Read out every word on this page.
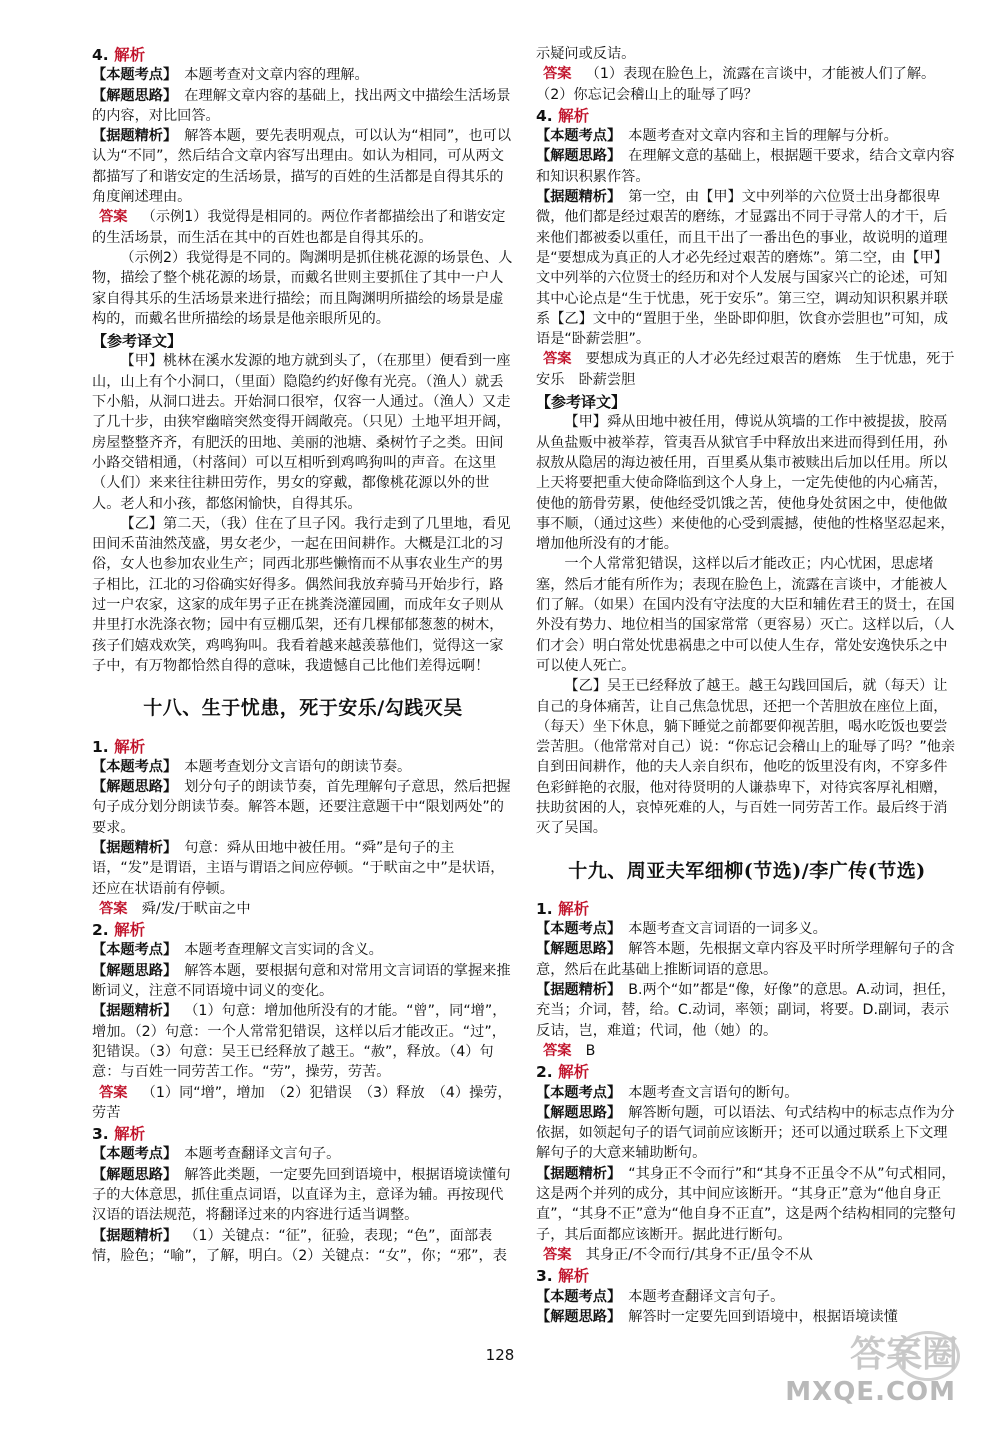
4. 解析

【本题考点】  本题考查对文章内容的理解。

【解题思路】  在理解文章内容的基础上，找出两文中描绘生活场景的内容，对比回答。

【据题精析】  解答本题，要先表明观点，可以认为“相同”，也可以认为“不同”，然后结合文章内容写出理由。如认为相同，可从两文都描写了和谐安定的生活场景，描写的百姓的生活都是自得其乐的角度阐述理由。

 答案  （示例1）我觉得是相同的。两位作者都描绘出了和谐安定的生活场景，而生活在其中的百姓也都是自得其乐的。

（示例2）我觉得是不同的。陶渊明是抓住桃花源的场景色、人物，描绘了整个桃花源的场景，而戴名世则主要抓住了其中一户人家自得其乐的生活场景来进行描绘；而且陶渊明所描绘的场景是虚构的，而戴名世所描绘的场景是他亲眼所见的。

【参考译文】

【甲】桃林在溪水发源的地方就到头了，（在那里）便看到一座山，山上有个小洞口，（里面）隐隐约约好像有光亮。（渔人）就丢下小船，从洞口进去。开始洞口很窄，仅容一人通过。（渔人）又走了几十步，由狭窄幽暗突然变得开阔敞亮。（只见）土地平坦开阔，房屋整整齐齐，有肥沃的田地、美丽的池塘、桑树竹子之类。田间小路交错相通，（村落间）可以互相听到鸡鸣狗叫的声音。在这里（人们）来来往往耕田劳作，男女的穿戴，都像桃花源以外的世人。老人和小孩，都悠闲愉快，自得其乐。

【乙】第二天，（我）住在了旦子冈。我行走到了几里地，看见田间禾苗油然茂盛，男女老少，一起在田间耕作。大概是江北的习俗，女人也参加农业生产；同西北那些懒惰而不从事农业生产的男子相比，江北的习俗确实好得多。偶然间我放弃骑马开始步行，路过一户农家，这家的成年男子正在挑粪浇灌园圃，而成年女子则从井里打水洗涤衣物；园中有豆棚瓜架，还有几棵郁郁葱葱的树木，孩子们嬉戏欢笑，鸡鸣狗叫。我看着越来越羡慕他们，觉得这一家子中，有万物都恰然自得的意味，我遗憾自己比他们差得远啊！

十八、生于忧患，死于安乐/勾践灭吴
1. 解析

【本题考点】  本题考查划分文言语句的朗读节奏。

【解题思路】  划分句子的朗读节奏，首先理解句子意思，然后把握句子成分划分朗读节奏。解答本题，还要注意题干中“限划两处”的要求。

【据题精析】  句意：舜从田地中被任用。“舜”是句子的主语，“发”是谓语，主语与谓语之间应停顿。“于畎亩之中”是状语，还应在状语前有停顿。

 答案  舜/发/于畎亩之中

2. 解析

【本题考点】  本题考查理解文言实词的含义。

【解题思路】  解答本题，要根据句意和对常用文言词语的掌握来推断词义，注意不同语境中词义的变化。

【据题精析】  （1）句意：增加他所没有的才能。“曾”，同“增”，增加。（2）句意：一个人常常犯错误，这样以后才能改正。“过”，犯错误。（3）句意：吴王已经释放了越王。“赦”，释放。（4）句意：与百姓一同劳苦工作。“劳”，操劳，劳苦。

 答案  （1）同“增”，增加　（2）犯错误　（3）释放　（4）操劳，劳苦

3. 解析

【本题考点】  本题考查翻译文言句子。

【解题思路】  解答此类题，一定要先回到语境中，根据语境读懂句子的大体意思，抓住重点词语，以直译为主，意译为辅。再按现代汉语的语法规范，将翻译过来的内容进行适当调整。

【据题精析】  （1）关键点：“征”，征验，表现；“色”，面部表情，脸色；“喻”，了解，明白。（2）关键点：“女”，你；“邪”，表

示疑问或反诘。

 答案  （1）表现在脸色上，流露在言谈中，才能被人们了解。（2）你忘记会稽山上的耻辱了吗？

4. 解析

【本题考点】  本题考查对文章内容和主旨的理解与分析。

【解题思路】  在理解文意的基础上，根据题干要求，结合文章内容和知识积累作答。

【据题精析】  第一空，由【甲】文中列举的六位贤士出身都很卑微，他们都是经过艰苦的磨练，才显露出不同于寻常人的才干，后来他们都被委以重任，而且干出了一番出色的事业，故说明的道理是“要想成为真正的人才必先经过艰苦的磨炼”。第二空，由【甲】文中列举的六位贤士的经历和对个人发展与国家兴亡的论述，可知其中心论点是“生于忧患，死于安乐”。第三空，调动知识积累并联系【乙】文中的“置胆于坐，坐卧即仰胆，饮食亦尝胆也”可知，成语是“卧薪尝胆”。

 答案  要想成为真正的人才必先经过艰苦的磨炼　生于忧患，死于安乐　卧薪尝胆

【参考译文】

【甲】舜从田地中被任用，傅说从筑墙的工作中被提拔，胶鬲从鱼盐贩中被举荐，管夷吾从狱官手中释放出来进而得到任用，孙叔敖从隐居的海边被任用，百里奚从集市被赎出后加以任用。所以上天将要把重大使命降临到这个人身上，一定先使他的内心痛苦，使他的筋骨劳累，使他经受饥饿之苦，使他身处贫困之中，使他做事不顺，（通过这些）来使他的心受到震撼，使他的性格坚忍起来，增加他所没有的才能。

一个人常常犯错误，这样以后才能改正；内心忧困，思虑堵塞，然后才能有所作为；表现在脸色上，流露在言谈中，才能被人们了解。（如果）在国内没有守法度的大臣和辅佐君王的贤士，在国外没有势力、地位相当的国家常常（更容易）灭亡。这样以后，（人们才会）明白常处忧患祸患之中可以使人生存，常处安逸快乐之中可以使人死亡。

【乙】吴王已经释放了越王。越王勾践回国后，就（每天）让自己的身体痛苦，让自己焦急忧思，还把一个苦胆放在座位上面，（每天）坐下休息，躺下睡觉之前都要仰视苦胆，喝水吃饭也要尝尝苦胆。（他常常对自己）说：“你忘记会稽山上的耻辱了吗？”他亲自到田间耕作，他的夫人亲自织布，他吃的饭里没有肉，不穿多件色彩鲜艳的衣服，他对待贤明的人谦恭卑下，对待宾客厚礼相赠，扶助贫困的人，哀悼死难的人，与百姓一同劳苦工作。最后终于消灭了吴国。

十九、周亚夫军细柳(节选)/李广传(节选)
1. 解析

【本题考点】  本题考查文言词语的一词多义。

【解题思路】  解答本题，先根据文章内容及平时所学理解句子的含意，然后在此基础上推断词语的意思。

【据题精析】  B.两个“如”都是“像，好像”的意思。A.动词，担任，充当；介词，替，给。C.动词，率领；副词，将要。D.副词，表示反诘，岂，难道；代词，他（她）的。

 答案  B

2. 解析

【本题考点】  本题考查文言语句的断句。

【解题思路】  解答断句题，可以语法、句式结构中的标志点作为分依据，如领起句子的语气词前应该断开；还可以通过联系上下文理解句子的大意来辅助断句。

【据题精析】  “其身正不令而行”和“其身不正虽令不从”句式相同，这是两个并列的成分，其中间应该断开。“其身正”意为“他自身正直”，“其身不正”意为“他自身不正直”，这是两个结构相同的完整句子，其后面都应该断开。据此进行断句。

 答案  其身正/不令而行/其身不正/虽令不从

3. 解析

【本题考点】  本题考查翻译文言句子。

【解题思路】  解答时一定要先回到语境中，根据语境读懂

128	答案圈
MXQE.COM
